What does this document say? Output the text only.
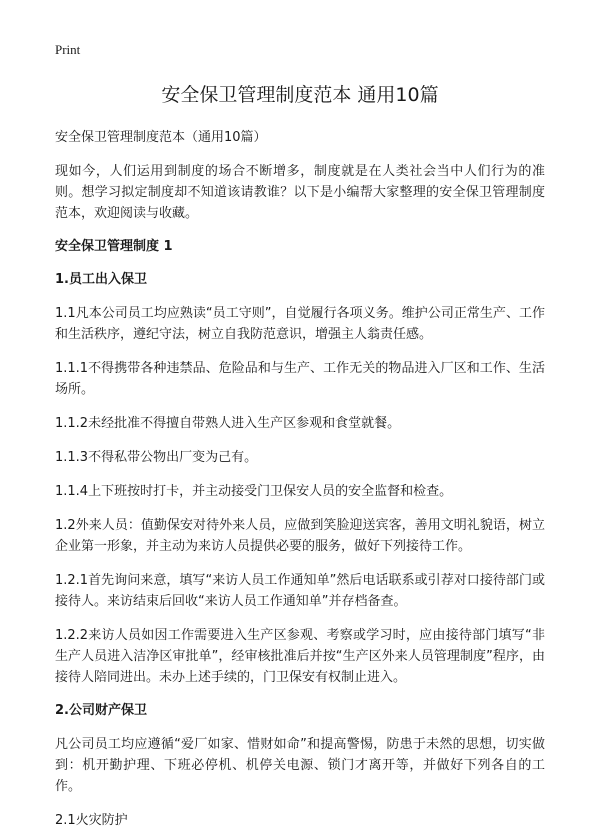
Print
安全保卫管理制度范本 通用10篇
安全保卫管理制度范本（通用10篇）

现如今，人们运用到制度的场合不断增多，制度就是在人类社会当中人们行为的准则。想学习拟定制度却不知道该请教谁？以下是小编帮大家整理的安全保卫管理制度范本，欢迎阅读与收藏。

安全保卫管理制度 1
1.员工出入保卫

1.1凡本公司员工均应熟读“员工守则”，自觉履行各项义务。维护公司正常生产、工作和生活秩序，遵纪守法，树立自我防范意识，增强主人翁责任感。

1.1.1不得携带各种违禁品、危险品和与生产、工作无关的物品进入厂区和工作、生活场所。

1.1.2未经批准不得擅自带熟人进入生产区参观和食堂就餐。

1.1.3不得私带公物出厂变为己有。

1.1.4上下班按时打卡，并主动接受门卫保安人员的安全监督和检查。

1.2外来人员：值勤保安对待外来人员，应做到笑脸迎送宾客，善用文明礼貌语，树立企业第一形象，并主动为来访人员提供必要的服务，做好下列接待工作。

1.2.1首先询问来意，填写“来访人员工作通知单”然后电话联系或引荐对口接待部门或接待人。来访结束后回收“来访人员工作通知单”并存档备查。

1.2.2来访人员如因工作需要进入生产区参观、考察或学习时，应由接待部门填写“非生产人员进入洁净区审批单”，经审核批准后并按“生产区外来人员管理制度”程序，由接待人陪同进出。未办上述手续的，门卫保安有权制止进入。

2.公司财产保卫

凡公司员工均应遵循“爱厂如家、惜财如命”和提高警惕，防患于未然的思想，切实做到：机开勤护理、下班必停机、机停关电源、锁门才离开等，并做好下列各自的工作。

2.1火灾防护
